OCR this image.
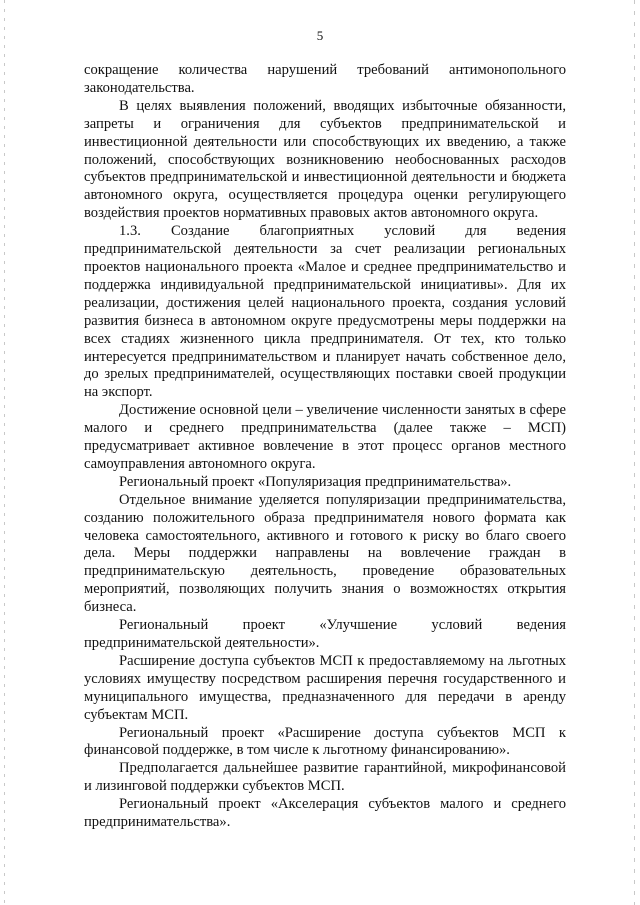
5

сокращение количества нарушений требований антимонопольного законодательства.

В целях выявления положений, вводящих избыточные обязанности, запреты и ограничения для субъектов предпринимательской и инвестиционной деятельности или способствующих их введению, а также положений, способствующих возникновению необоснованных расходов субъектов предпринимательской и инвестиционной деятельности и бюджета автономного округа, осуществляется процедура оценки регулирующего воздействия проектов нормативных правовых актов автономного округа.

1.3. Создание благоприятных условий для ведения предпринимательской деятельности за счет реализации региональных проектов национального проекта «Малое и среднее предпринимательство и поддержка индивидуальной предпринимательской инициативы». Для их реализации, достижения целей национального проекта, создания условий развития бизнеса в автономном округе предусмотрены меры поддержки на всех стадиях жизненного цикла предпринимателя. От тех, кто только интересуется предпринимательством и планирует начать собственное дело, до зрелых предпринимателей, осуществляющих поставки своей продукции на экспорт.

Достижение основной цели – увеличение численности занятых в сфере малого и среднего предпринимательства (далее также – МСП) предусматривает активное вовлечение в этот процесс органов местного самоуправления автономного округа.

Региональный проект «Популяризация предпринимательства».

Отдельное внимание уделяется популяризации предпринимательства, созданию положительного образа предпринимателя нового формата как человека самостоятельного, активного и готового к риску во благо своего дела. Меры поддержки направлены на вовлечение граждан в предпринимательскую деятельность, проведение образовательных мероприятий, позволяющих получить знания о возможностях открытия бизнеса.

Региональный проект «Улучшение условий ведения предпринимательской деятельности».

Расширение доступа субъектов МСП к предоставляемому на льготных условиях имуществу посредством расширения перечня государственного и муниципального имущества, предназначенного для передачи в аренду субъектам МСП.

Региональный проект «Расширение доступа субъектов МСП к финансовой поддержке, в том числе к льготному финансированию».

Предполагается дальнейшее развитие гарантийной, микрофинансовой и лизинговой поддержки субъектов МСП.

Региональный проект «Акселерация субъектов малого и среднего предпринимательства».
